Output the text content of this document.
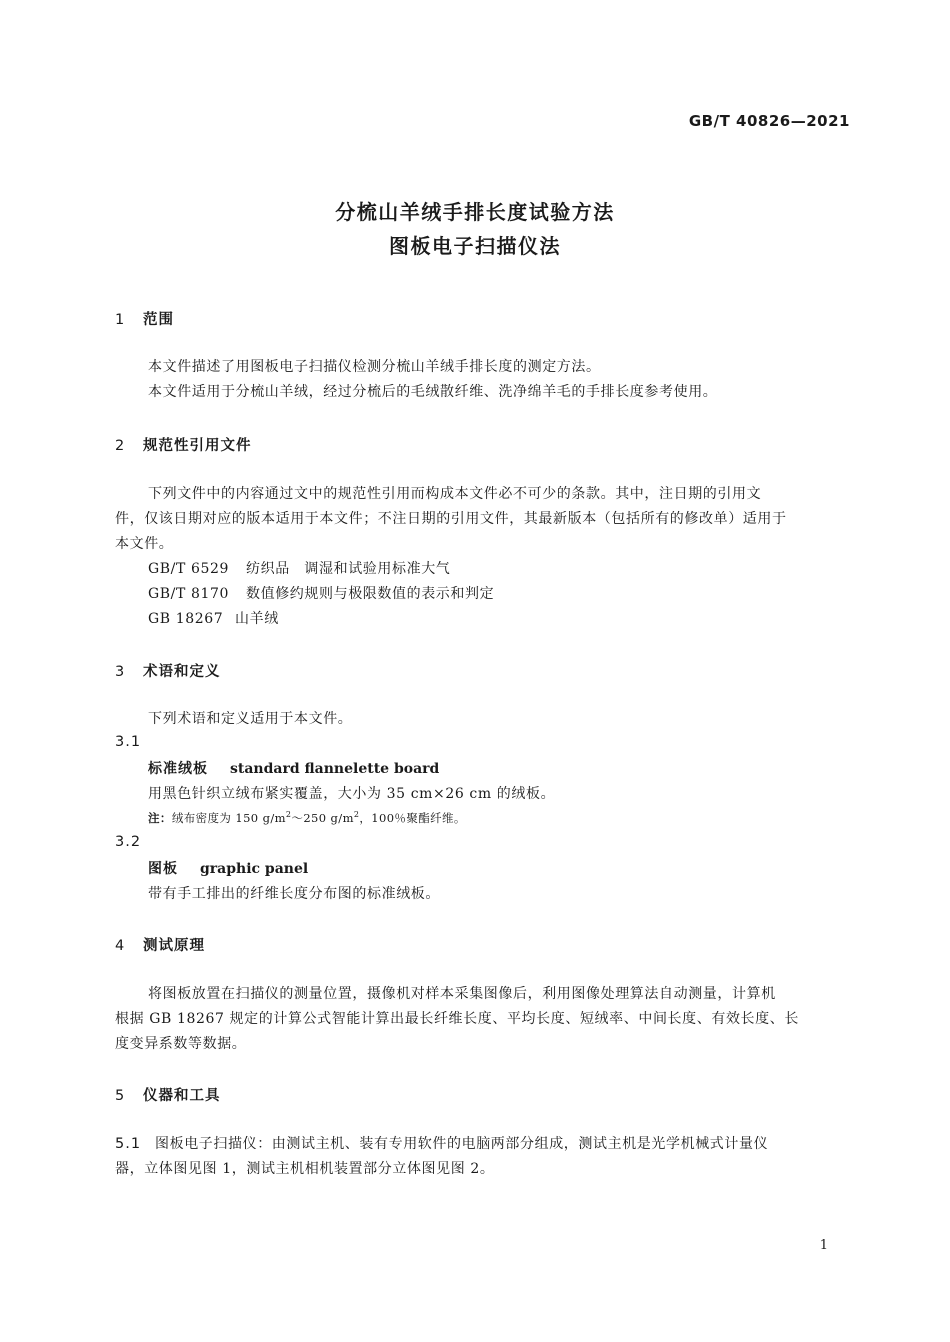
GB/T 40826—2021
分梳山羊绒手排长度试验方法
图板电子扫描仪法
1 范围
本文件描述了用图板电子扫描仪检测分梳山羊绒手排长度的测定方法。
本文件适用于分梳山羊绒，经过分梳后的毛绒散纤维、洗净绵羊毛的手排长度参考使用。
2 规范性引用文件
下列文件中的内容通过文中的规范性引用而构成本文件必不可少的条款。其中，注日期的引用文
件，仅该日期对应的版本适用于本文件；不注日期的引用文件，其最新版本（包括所有的修改单）适用于
本文件。
GB/T 6529 纺织品　调湿和试验用标准大气
GB/T 8170 数值修约规则与极限数值的表示和判定
GB 18267 山羊绒
3 术语和定义
下列术语和定义适用于本文件。
3.1
标准绒板 standard flannelette board
用黑色针织立绒布紧实覆盖，大小为 35 cm×26 cm 的绒板。
注：绒布密度为 150 $g/m^2\sim 250$ $g/m^2$，100％聚酯纤维。
3.2
图板 graphic panel
带有手工排出的纤维长度分布图的标准绒板。
4 测试原理
将图板放置在扫描仪的测量位置，摄像机对样本采集图像后，利用图像处理算法自动测量，计算机
根据 GB 18267 规定的计算公式智能计算出最长纤维长度、平均长度、短绒率、中间长度、有效长度、长
度变异系数等数据。
5 仪器和工具
5.1 图板电子扫描仪：由测试主机、装有专用软件的电脑两部分组成，测试主机是光学机械式计量仪
器，立体图见图 1，测试主机相机装置部分立体图见图 2。
1
